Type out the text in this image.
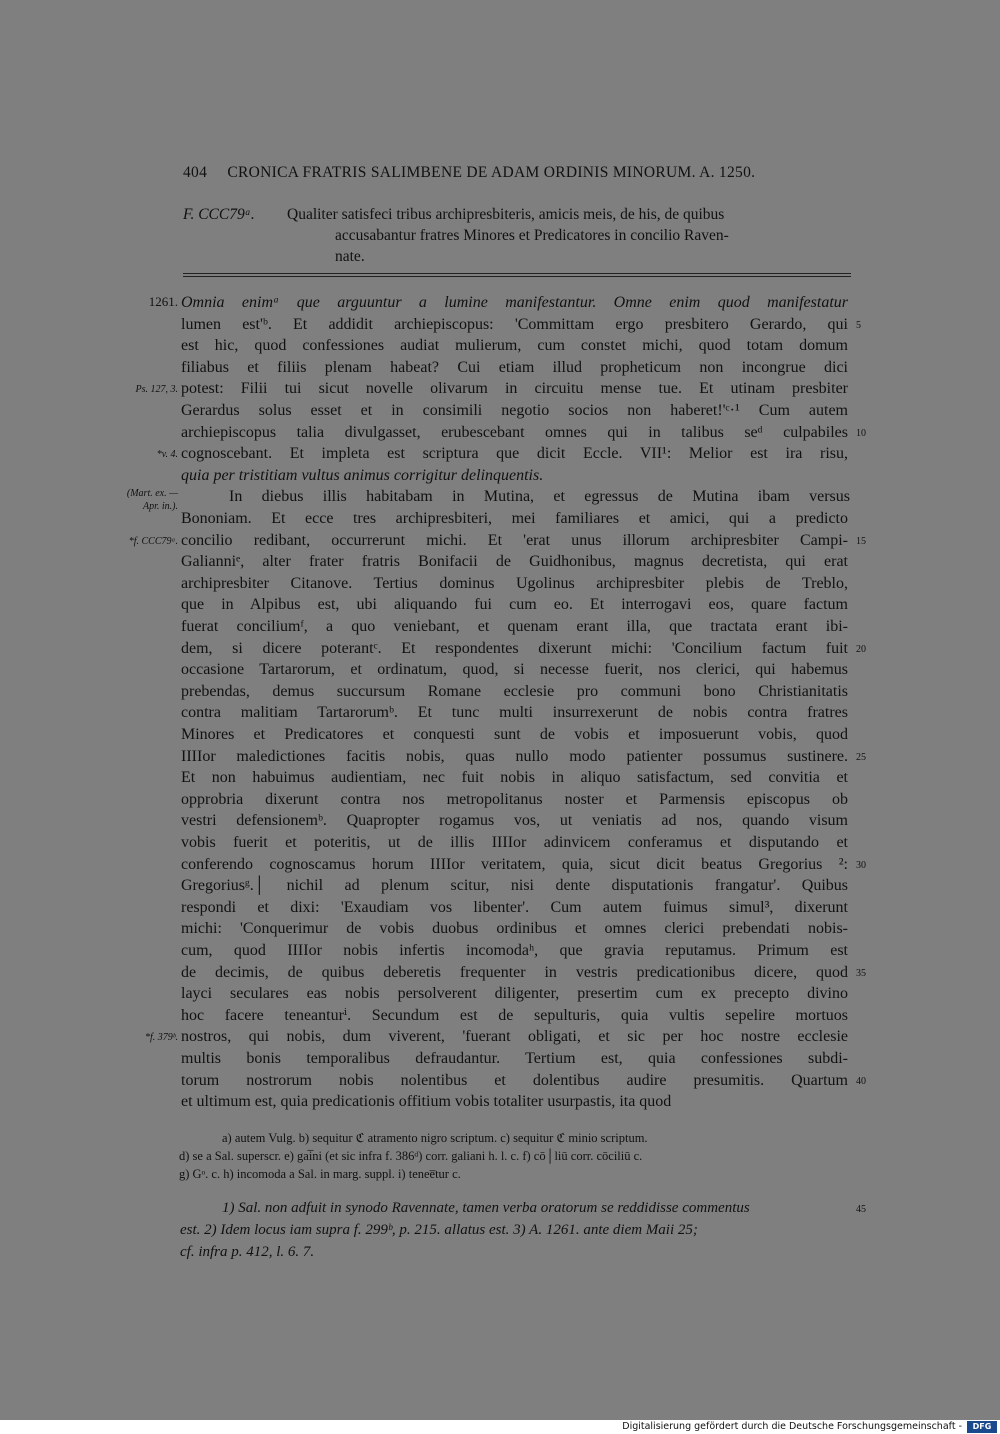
404 CRONICA FRATRIS SALIMBENE DE ADAM ORDINIS MINORUM. A. 1250.
F. CCC79ᵃ. Qualiter satisfeci tribus archipresbiteris, amicis meis, de his, de quibus
accusabantur fratres Minores et Predicatores in concilio Raven-
nate.
Omnia enimᵃ que arguuntur a lumine manifestantur. Omne enim quod manifestatur
lumen est'ᵇ. Et addidit archiepiscopus: 'Committam ergo presbitero Gerardo, qui
est hic, quod confessiones audiat mulierum, cum constet michi, quod totam domum
filiabus et filiis plenam habeat? Cui etiam illud propheticum non incongrue dici
potest: Filii tui sicut novelle olivarum in circuitu mense tue. Et utinam presbiter
Gerardus solus esset et in consimili negotio socios non haberet!'ᶜ·¹ Cum autem
archiepiscopus talia divulgasset, erubescebant omnes qui in talibus seᵈ culpabiles
cognoscebant. Et impleta est scriptura que dicit Eccle. VII¹: Melior est ira risu,
quia per tristitiam vultus animus corrigitur delinquentis.
In diebus illis habitabam in Mutina, et egressus de Mutina ibam versus
Bononiam. Et ecce tres archipresbiteri, mei familiares et amici, qui a predicto
concilio redibant, occurrerunt michi. Et 'erat unus illorum archipresbiter Campi-
Galianniᵉ, alter frater fratris Bonifacii de Guidhonibus, magnus decretista, qui erat
archipresbiter Citanove. Tertius dominus Ugolinus archipresbiter plebis de Treblo,
que in Alpibus est, ubi aliquando fui cum eo. Et interrogavi eos, quare factum
fuerat conciliumᶠ, a quo veniebant, et quenam erant illa, que tractata erant ibi-
dem, si dicere poterantᶜ. Et respondentes dixerunt michi: 'Concilium factum fuit
occasione Tartarorum, et ordinatum, quod, si necesse fuerit, nos clerici, qui habemus
prebendas, demus succursum Romane ecclesie pro communi bono Christianitatis
contra malitiam Tartarorumᵇ. Et tunc multi insurrexerunt de nobis contra fratres
Minores et Predicatores et conquesti sunt de vobis et imposuerunt vobis, quod
IIIIor maledictiones facitis nobis, quas nullo modo patienter possumus sustinere.
Et non habuimus audientiam, nec fuit nobis in aliquo satisfactum, sed convitia et
opprobria dixerunt contra nos metropolitanus noster et Parmensis episcopus ob
vestri defensionemᵇ. Quapropter rogamus vos, ut veniatis ad nos, quando visum
vobis fuerit et poteritis, ut de illis IIIIor adinvicem conferamus et disputando et
conferendo cognoscamus horum IIIIor veritatem, quia, sicut dicit beatus Gregorius ²:
Gregoriusᵍ.│ nichil ad plenum scitur, nisi dente disputationis frangatur'. Quibus
respondi et dixi: 'Exaudiam vos libenter'. Cum autem fuimus simul³, dixerunt
michi: 'Conquerimur de vobis duobus ordinibus et omnes clerici prebendati nobis-
cum, quod IIIIor nobis infertis incomodaʰ, que gravia reputamus. Primum est
de decimis, de quibus deberetis frequenter in vestris predicationibus dicere, quod
layci seculares eas nobis persolverent diligenter, presertim cum ex precepto divino
hoc facere teneanturⁱ. Secundum est de sepulturis, quia vultis sepelire mortuos
nostros, qui nobis, dum viverent, 'fuerant obligati, et sic per hoc nostre ecclesie
multis bonis temporalibus defraudantur. Tertium est, quia confessiones subdi-
torum nostrorum nobis nolentibus et dolentibus audire presumitis. Quartum
et ultimum est, quia predicationis offitium vobis totaliter usurpastis, ita quod
1261.
Ps. 127, 3.
*v. 4.
(Mart. ex. —
Apr. in.).
*f. CCC79ᵃ.
*f. 379ᵇ.
5
10
15
20
25
30
35
40
a) autem Vulg. b) sequitur ℭ atramento nigro scriptum. c) sequitur ℭ minio scriptum.
d) se a Sal. superscr. e) gai̅ni (et sic infra f. 386ᵈ) corr. galiani h. l. c. f) cō│liū corr. cōciliū c.
g) Gᵒ. c. h) incomoda a Sal. in marg. suppl. i) tenee̅tur c.
1) Sal. non adfuit in synodo Ravennate, tamen verba oratorum se reddidisse commentus
est. 2) Idem locus iam supra f. 299ᵇ, p. 215. allatus est. 3) A. 1261. ante diem Maii 25;
cf. infra p. 412, l. 6. 7.
45
Digitalisierung gefördert durch die Deutsche Forschungsgemeinschaft -	DFG
